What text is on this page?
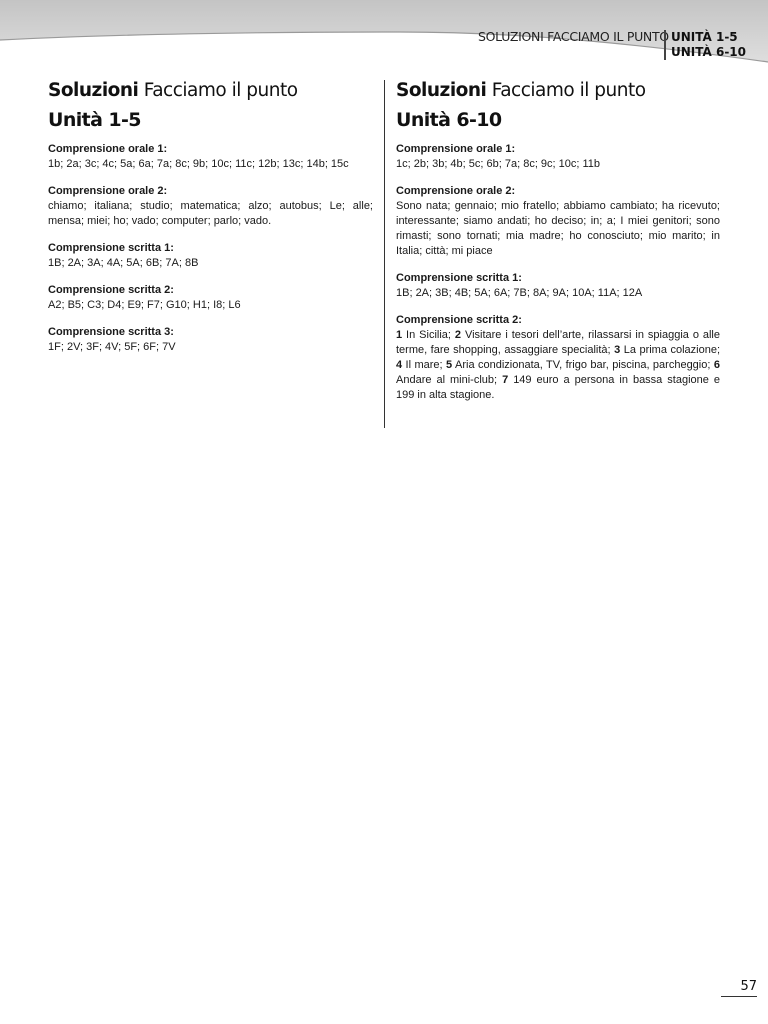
SOLUZIONI FACCIAMO IL PUNTO UNITÀ 1-5
UNITÀ 6-10
Soluzioni Facciamo il punto
Unità 1-5

Comprensione orale 1:

1b; 2a; 3c; 4c; 5a; 6a; 7a; 8c; 9b; 10c; 11c; 12b; 13c; 14b; 15c

Comprensione orale 2:

chiamo; italiana; studio; matematica; alzo; autobus; Le; alle; mensa; miei; ho; vado; computer; parlo; vado.

Comprensione scritta 1:

1B; 2A; 3A; 4A; 5A; 6B; 7A; 8B

Comprensione scritta 2:

A2; B5; C3; D4; E9; F7; G10; H1; I8; L6

Comprensione scritta 3:

1F; 2V; 3F; 4V; 5F; 6F; 7V

Soluzioni Facciamo il punto
Unità 6-10

Comprensione orale 1:

1c; 2b; 3b; 4b; 5c; 6b; 7a; 8c; 9c; 10c; 11b

Comprensione orale 2:

Sono nata; gennaio; mio fratello; abbiamo cambiato; ha ricevuto; interessante; siamo andati; ho deciso; in; a; I miei genitori; sono rimasti; sono tornati; mia madre; ho conosciuto; mio marito; in Italia; città; mi piace

Comprensione scritta 1:

1B; 2A; 3B; 4B; 5A; 6A; 7B; 8A; 9A; 10A; 11A; 12A

Comprensione scritta 2:

1 In Sicilia; 2 Visitare i tesori dell’arte, rilassarsi in spiaggia o alle terme, fare shopping, assaggiare specialità; 3 La prima colazione; 4 Il mare; 5 Aria condizionata, TV, frigo bar, piscina, parcheggio; 6 Andare al mini-club; 7 149 euro a persona in bassa stagione e 199 in alta stagione.

57
